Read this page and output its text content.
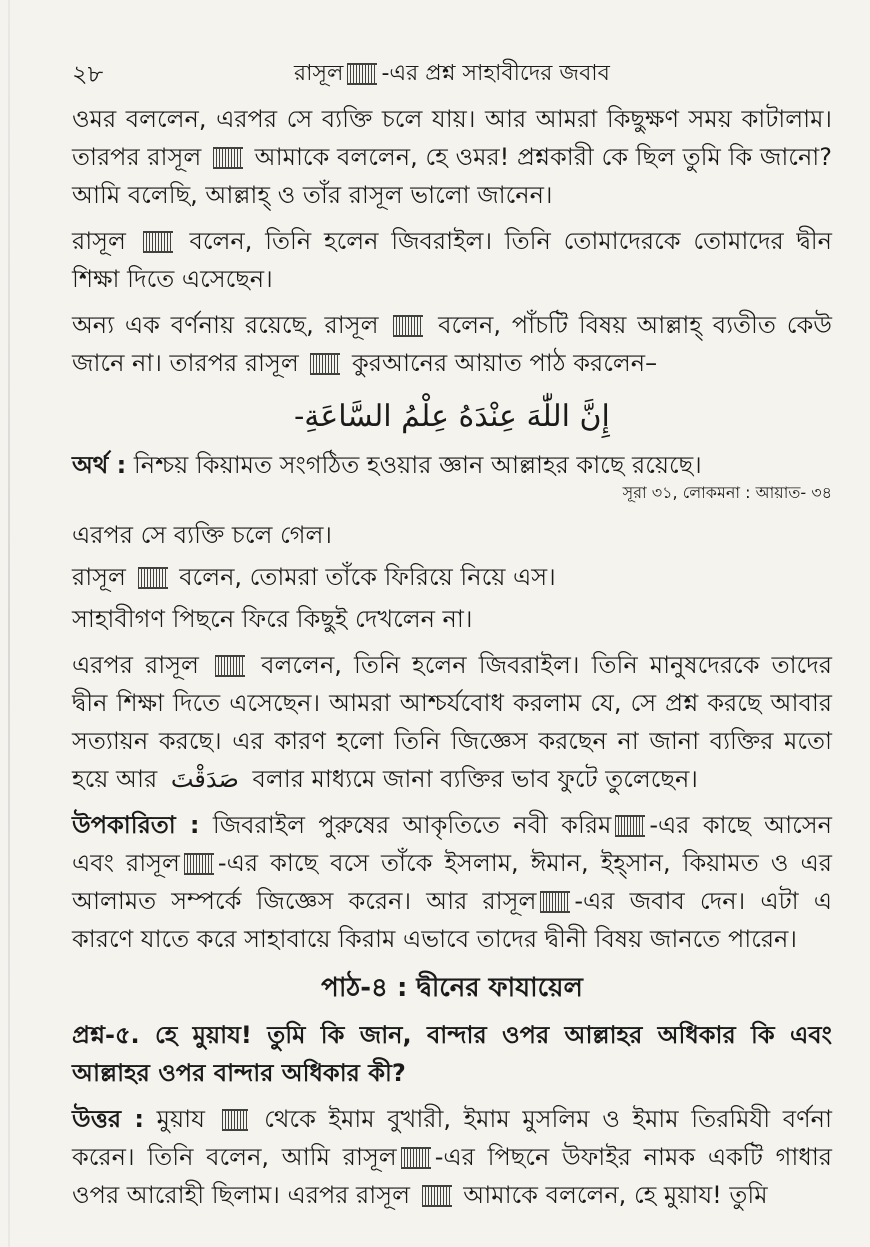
২৮	রাসূল -এর প্রশ্ন সাহাবীদের জবাব

ওমর বললেন, এরপর সে ব্যক্তি চলে যায়। আর আমরা কিছুক্ষণ সময় কাটালাম। তারপর রাসূল আমাকে বললেন, হে ওমর! প্রশ্নকারী কে ছিল তুমি কি জানো? আমি বলেছি, আল্লাহ্ ও তাঁর রাসূল ভালো জানেন।

রাসূল	বলেন, তিনি হলেন জিবরাইল। তিনি তোমাদেরকে তোমাদের দ্বীন শিক্ষা দিতে এসেছেন।

অন্য এক বর্ণনায় রয়েছে, রাসূল বলেন, পাঁচটি বিষয় আল্লাহ্ ব্যতীত কেউ জানে না। তারপর রাসূল কুরআনের আয়াত পাঠ করলেন–

إِنَّ اللّٰهَ عِنْدَهُ عِلْمُ السَّاعَةِ-

অর্থ : নিশ্চয় কিয়ামত সংগঠিত হওয়ার জ্ঞান আল্লাহর কাছে রয়েছে।

সূরা ৩১, লোকমনা : আয়াত- ৩৪

এরপর সে ব্যক্তি চলে গেল।

রাসূল বলেন, তোমরা তাঁকে ফিরিয়ে নিয়ে এস।

সাহাবীগণ পিছনে ফিরে কিছুই দেখলেন না।

এরপর রাসূল	বললেন, তিনি হলেন জিবরাইল। তিনি মানুষদেরকে তাদের দ্বীন শিক্ষা দিতে এসেছেন। আমরা আশ্চর্যবোধ করলাম যে, সে প্রশ্ন করছে আবার সত্যায়ন করছে। এর কারণ হলো তিনি জিজ্ঞেস করছেন না জানা ব্যক্তির মতো হয়ে আর صَدَقْتَ বলার মাধ্যমে জানা ব্যক্তির ভাব ফুটে তুলেছেন।

উপকারিতা : জিবরাইল পুরুষের আকৃতিতে নবী করিম -এর কাছে আসেন এবং রাসূল -এর কাছে বসে তাঁকে ইসলাম, ঈমান, ইহ্সান, কিয়ামত ও এর আলামত সম্পর্কে জিজ্ঞেস করেন। আর রাসূল -এর জবাব দেন। এটা এ কারণে যাতে করে সাহাবায়ে কিরাম এভাবে তাদের দ্বীনী বিষয় জানতে পারেন।

পাঠ-৪ : দ্বীনের ফাযায়েল

প্রশ্ন-৫. হে মুয়ায! তুমি কি জান, বান্দার ওপর আল্লাহর অধিকার কি এবং আল্লাহর ওপর বান্দার অধিকার কী?

উত্তর : মুয়ায থেকে ইমাম বুখারী, ইমাম মুসলিম ও ইমাম তিরমিযী বর্ণনা করেন। তিনি বলেন, আমি রাসূল -এর পিছনে উফাইর নামক একটি গাধার ওপর আরোহী ছিলাম। এরপর রাসূল আমাকে বললেন, হে মুয়ায! তুমি
